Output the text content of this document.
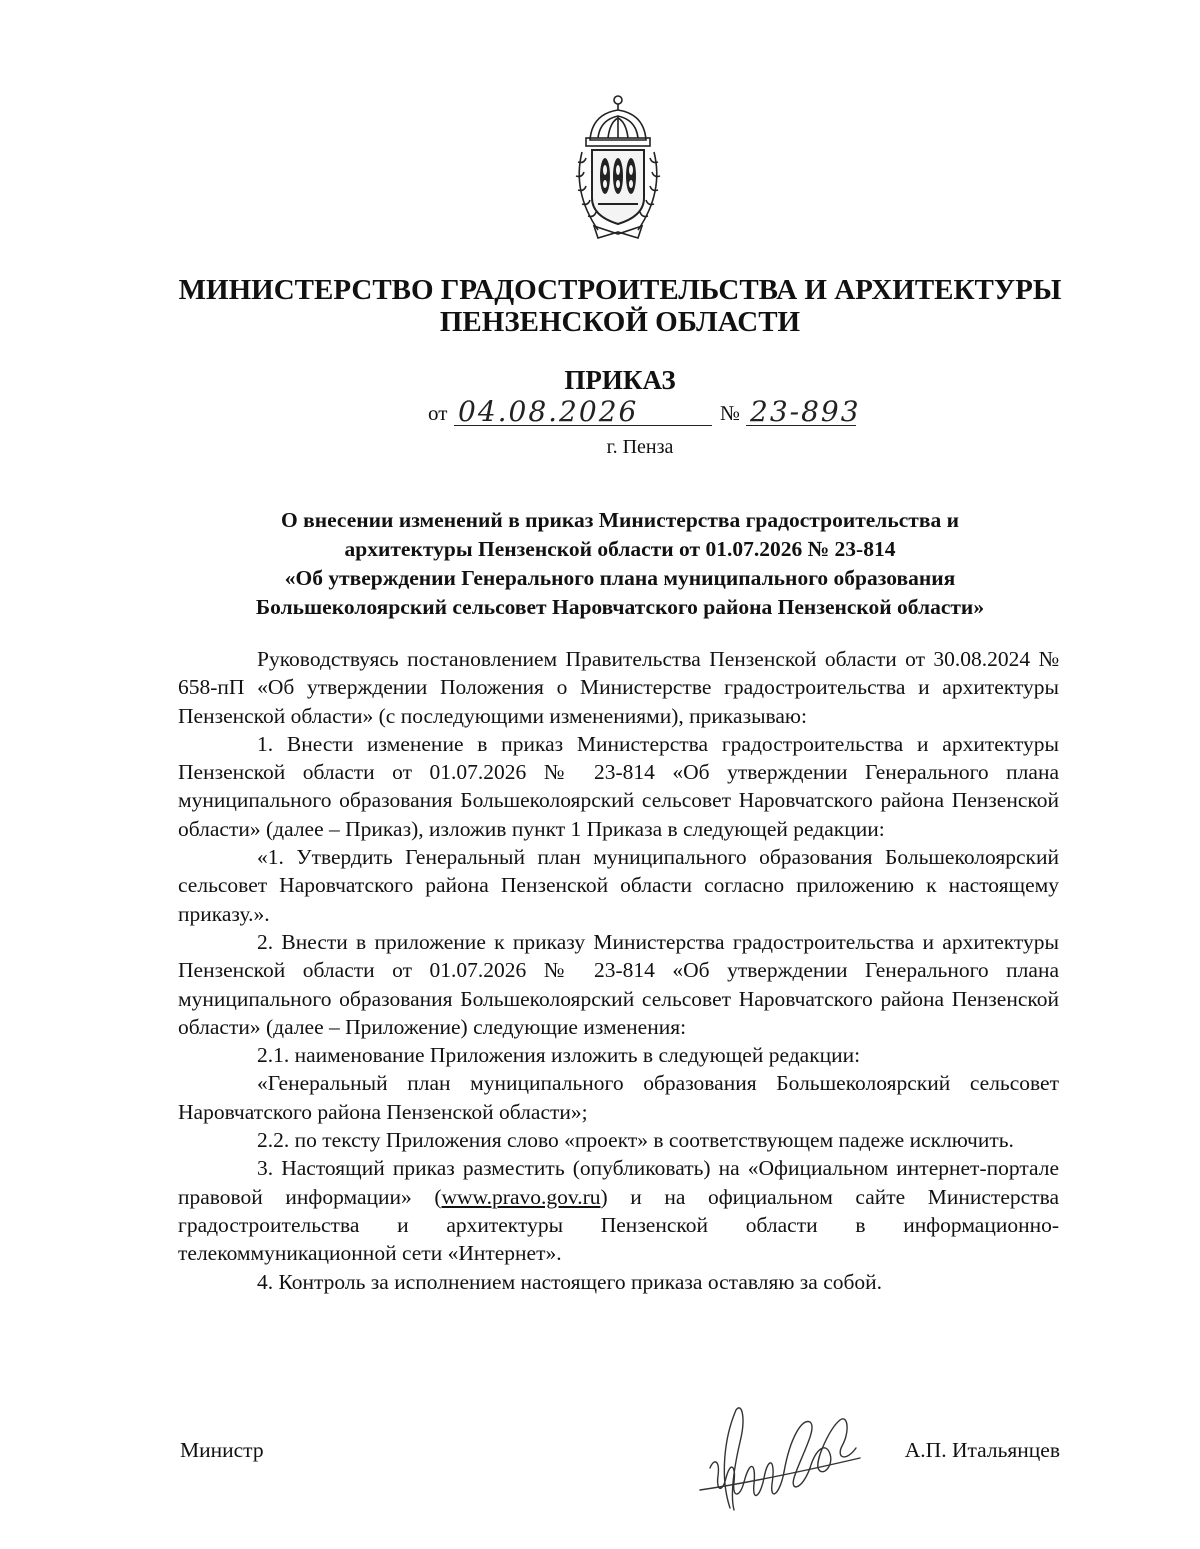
МИНИСТЕРСТВО ГРАДОСТРОИТЕЛЬСТВА И АРХИТЕКТУРЫ
ПЕНЗЕНСКОЙ ОБЛАСТИ
ПРИКАЗ
от 04.08.2026	№ 23-893
г. Пенза
О внесении изменений в приказ Министерства градостроительства и
архитектуры Пензенской области от 01.07.2026 № 23-814
«Об утверждении Генерального плана муниципального образования
Большеколоярский сельсовет Наровчатского района Пензенской области»

Руководствуясь постановлением Правительства Пензенской области от 30.08.2024 № 658-пП «Об утверждении Положения о Министерстве градостроительства и архитектуры Пензенской области» (с последующими изменениями), приказываю:

1. Внести изменение в приказ Министерства градостроительства и архитектуры Пензенской области от 01.07.2026 № 23-814 «Об утверждении Генерального плана муниципального образования Большеколоярский сельсовет Наровчатского района Пензенской области» (далее – Приказ), изложив пункт 1 Приказа в следующей редакции:

«1. Утвердить Генеральный план муниципального образования Большеколоярский сельсовет Наровчатского района Пензенской области согласно приложению к настоящему приказу.».

2. Внести в приложение к приказу Министерства градостроительства и архитектуры Пензенской области от 01.07.2026 № 23-814 «Об утверждении Генерального плана муниципального образования Большеколоярский сельсовет Наровчатского района Пензенской области» (далее – Приложение) следующие изменения:

2.1. наименование Приложения изложить в следующей редакции:

«Генеральный план муниципального образования Большеколоярский сельсовет Наровчатского района Пензенской области»;

2.2. по тексту Приложения слово «проект» в соответствующем падеже исключить.

3. Настоящий приказ разместить (опубликовать) на «Официальном интернет-портале правовой информации» (www.pravo.gov.ru) и на официальном сайте Министерства градостроительства и архитектуры Пензенской области в информационно-телекоммуникационной сети «Интернет».

4. Контроль за исполнением настоящего приказа оставляю за собой.

Министр	А.П. Итальянцев
